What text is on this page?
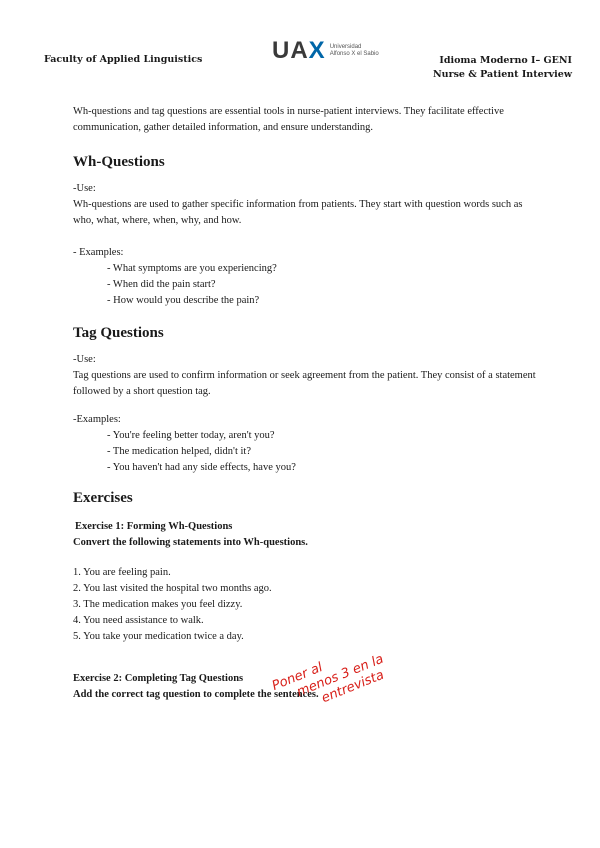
Faculty of Applied Linguistics	UAX Universidad
Alfonso X el Sabio
Idioma Moderno I– GENI
Nurse & Patient Interview

Wh-questions and tag questions are essential tools in nurse-patient interviews. They facilitate effective communication, gather detailed information, and ensure understanding.

Wh-Questions

-Use:

Wh-questions are used to gather specific information from patients. They start with question words such as who, what, where, when, why, and how.

- Examples:

- What symptoms are you experiencing?

- When did the pain start?

- How would you describe the pain?

Tag Questions

-Use:

Tag questions are used to confirm information or seek agreement from the patient. They consist of a statement followed by a short question tag.

-Examples:

- You're feeling better today, aren't you?

- The medication helped, didn't it?

- You haven't had any side effects, have you?

Exercises

Exercise 1: Forming Wh-Questions

Convert the following statements into Wh-questions.

1. You are feeling pain.

2. You last visited the hospital two months ago.

3. The medication makes you feel dizzy.

4. You need assistance to walk.

5. You take your medication twice a day.

Exercise 2: Completing Tag Questions

Add the correct tag question to complete the sentences.

Poner al
menos 3 en la
entrevista
